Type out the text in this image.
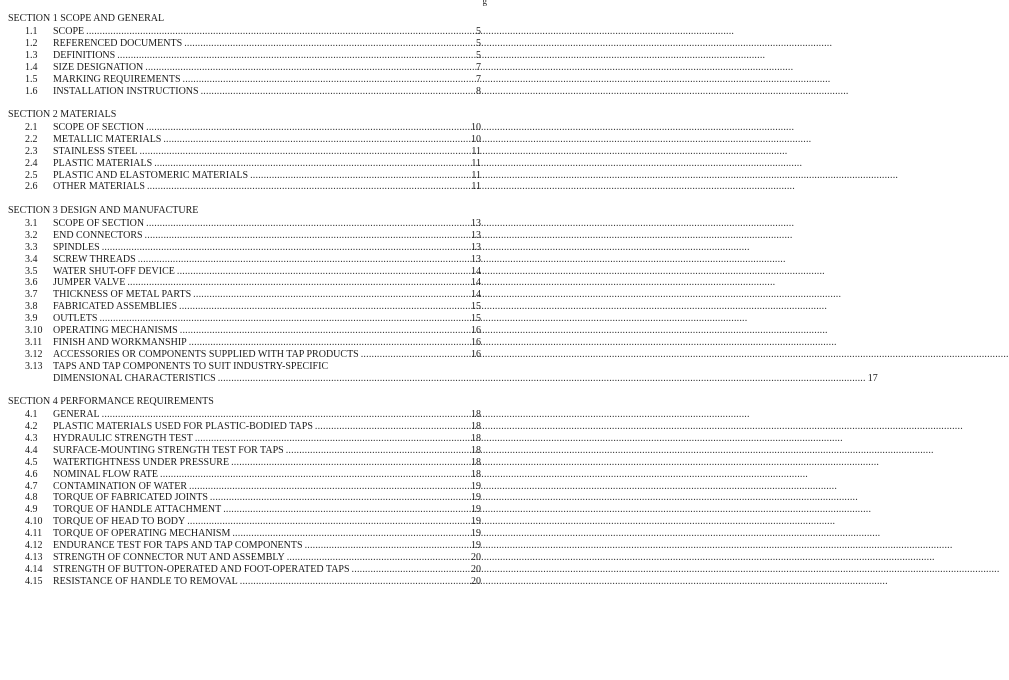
g
SECTION 1 SCOPE AND GENERAL
1.1	SCOPE .....	5
1.2	REFERENCED DOCUMENTS .....	5
1.3	DEFINITIONS .....	5
1.4	SIZE DESIGNATION .....	7
1.5	MARKING REQUIREMENTS .....	7
1.6	INSTALLATION INSTRUCTIONS .....	8
SECTION 2 MATERIALS
2.1	SCOPE OF SECTION .....	10
2.2	METALLIC MATERIALS .....	10
2.3	STAINLESS STEEL .....	11
2.4	PLASTIC MATERIALS .....	11
2.5	PLASTIC AND ELASTOMERIC MATERIALS .....	11
2.6	OTHER MATERIALS .....	11
SECTION 3 DESIGN AND MANUFACTURE
3.1	SCOPE OF SECTION .....	13
3.2	END CONNECTORS .....	13
3.3	SPINDLES .....	13
3.4	SCREW THREADS .....	13
3.5	WATER SHUT-OFF DEVICE .....	14
3.6	JUMPER VALVE .....	14
3.7	THICKNESS OF METAL PARTS .....	14
3.8	FABRICATED ASSEMBLIES .....	15
3.9	OUTLETS .....	15
3.10	OPERATING MECHANISMS .....	16
3.11	FINISH AND WORKMANSHIP .....	16
3.12	ACCESSORIES OR COMPONENTS SUPPLIED WITH TAP PRODUCTS .....	16
3.13	TAPS AND TAP COMPONENTS TO SUIT INDUSTRY-SPECIFIC
DIMENSIONAL CHARACTERISTICS .....	17
SECTION 4 PERFORMANCE REQUIREMENTS
4.1	GENERAL .....	18
4.2	PLASTIC MATERIALS USED FOR PLASTIC-BODIED TAPS .....	18
4.3	HYDRAULIC STRENGTH TEST .....	18
4.4	SURFACE-MOUNTING STRENGTH TEST FOR TAPS .....	18
4.5	WATERTIGHTNESS UNDER PRESSURE .....	18
4.6	NOMINAL FLOW RATE .....	18
4.7	CONTAMINATION OF WATER .....	19
4.8	TORQUE OF FABRICATED JOINTS .....	19
4.9	TORQUE OF HANDLE ATTACHMENT .....	19
4.10	TORQUE OF HEAD TO BODY .....	19
4.11	TORQUE OF OPERATING MECHANISM .....	19
4.12	ENDURANCE TEST FOR TAPS AND TAP COMPONENTS .....	19
4.13	STRENGTH OF CONNECTOR NUT AND ASSEMBLY .....	20
4.14	STRENGTH OF BUTTON-OPERATED AND FOOT-OPERATED TAPS .....	20
4.15	RESISTANCE OF HANDLE TO REMOVAL .....	20
